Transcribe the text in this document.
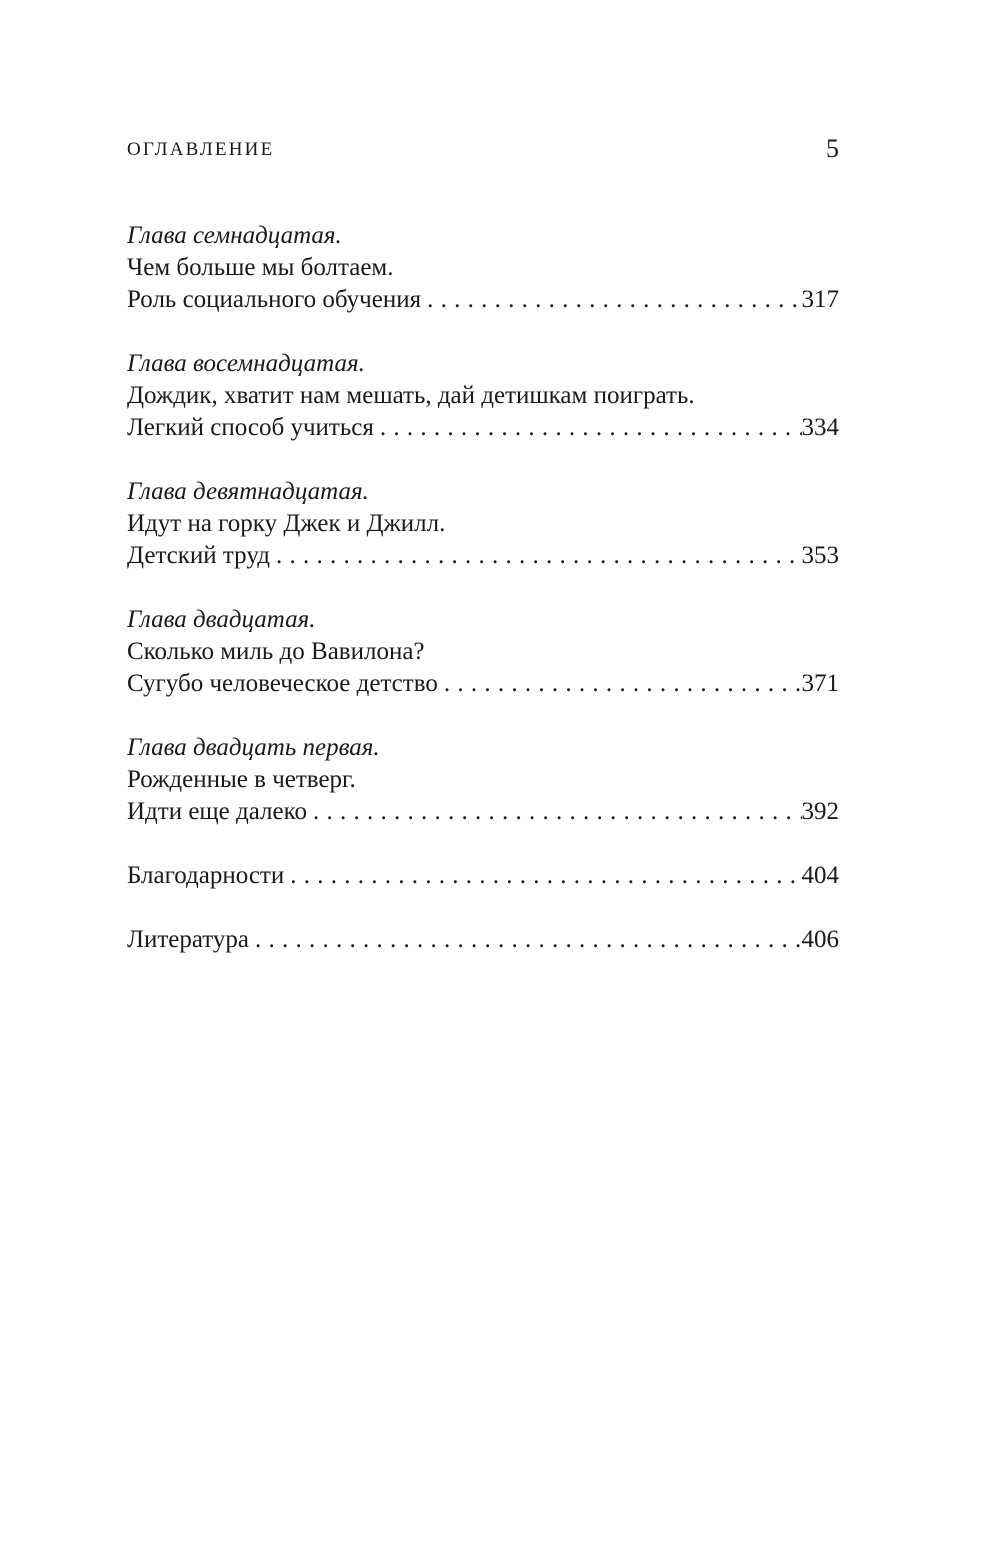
ОГЛАВЛЕНИЕ	5
Глава семнадцатая.
Чем больше мы болтаем.
Роль социального обучения . . .	317
Глава восемнадцатая.
Дождик, хватит нам мешать, дай детишкам поиграть.
Легкий способ учиться . . .	334
Глава девятнадцатая.
Идут на горку Джек и Джилл.
Детский труд . . .	353
Глава двадцатая.
Сколько миль до Вавилона?
Сугубо человеческое детство . . .	371
Глава двадцать первая.
Рожденные в четверг.
Идти еще далеко . . .	392
Благодарности . . .	404
Литература . . .	406
